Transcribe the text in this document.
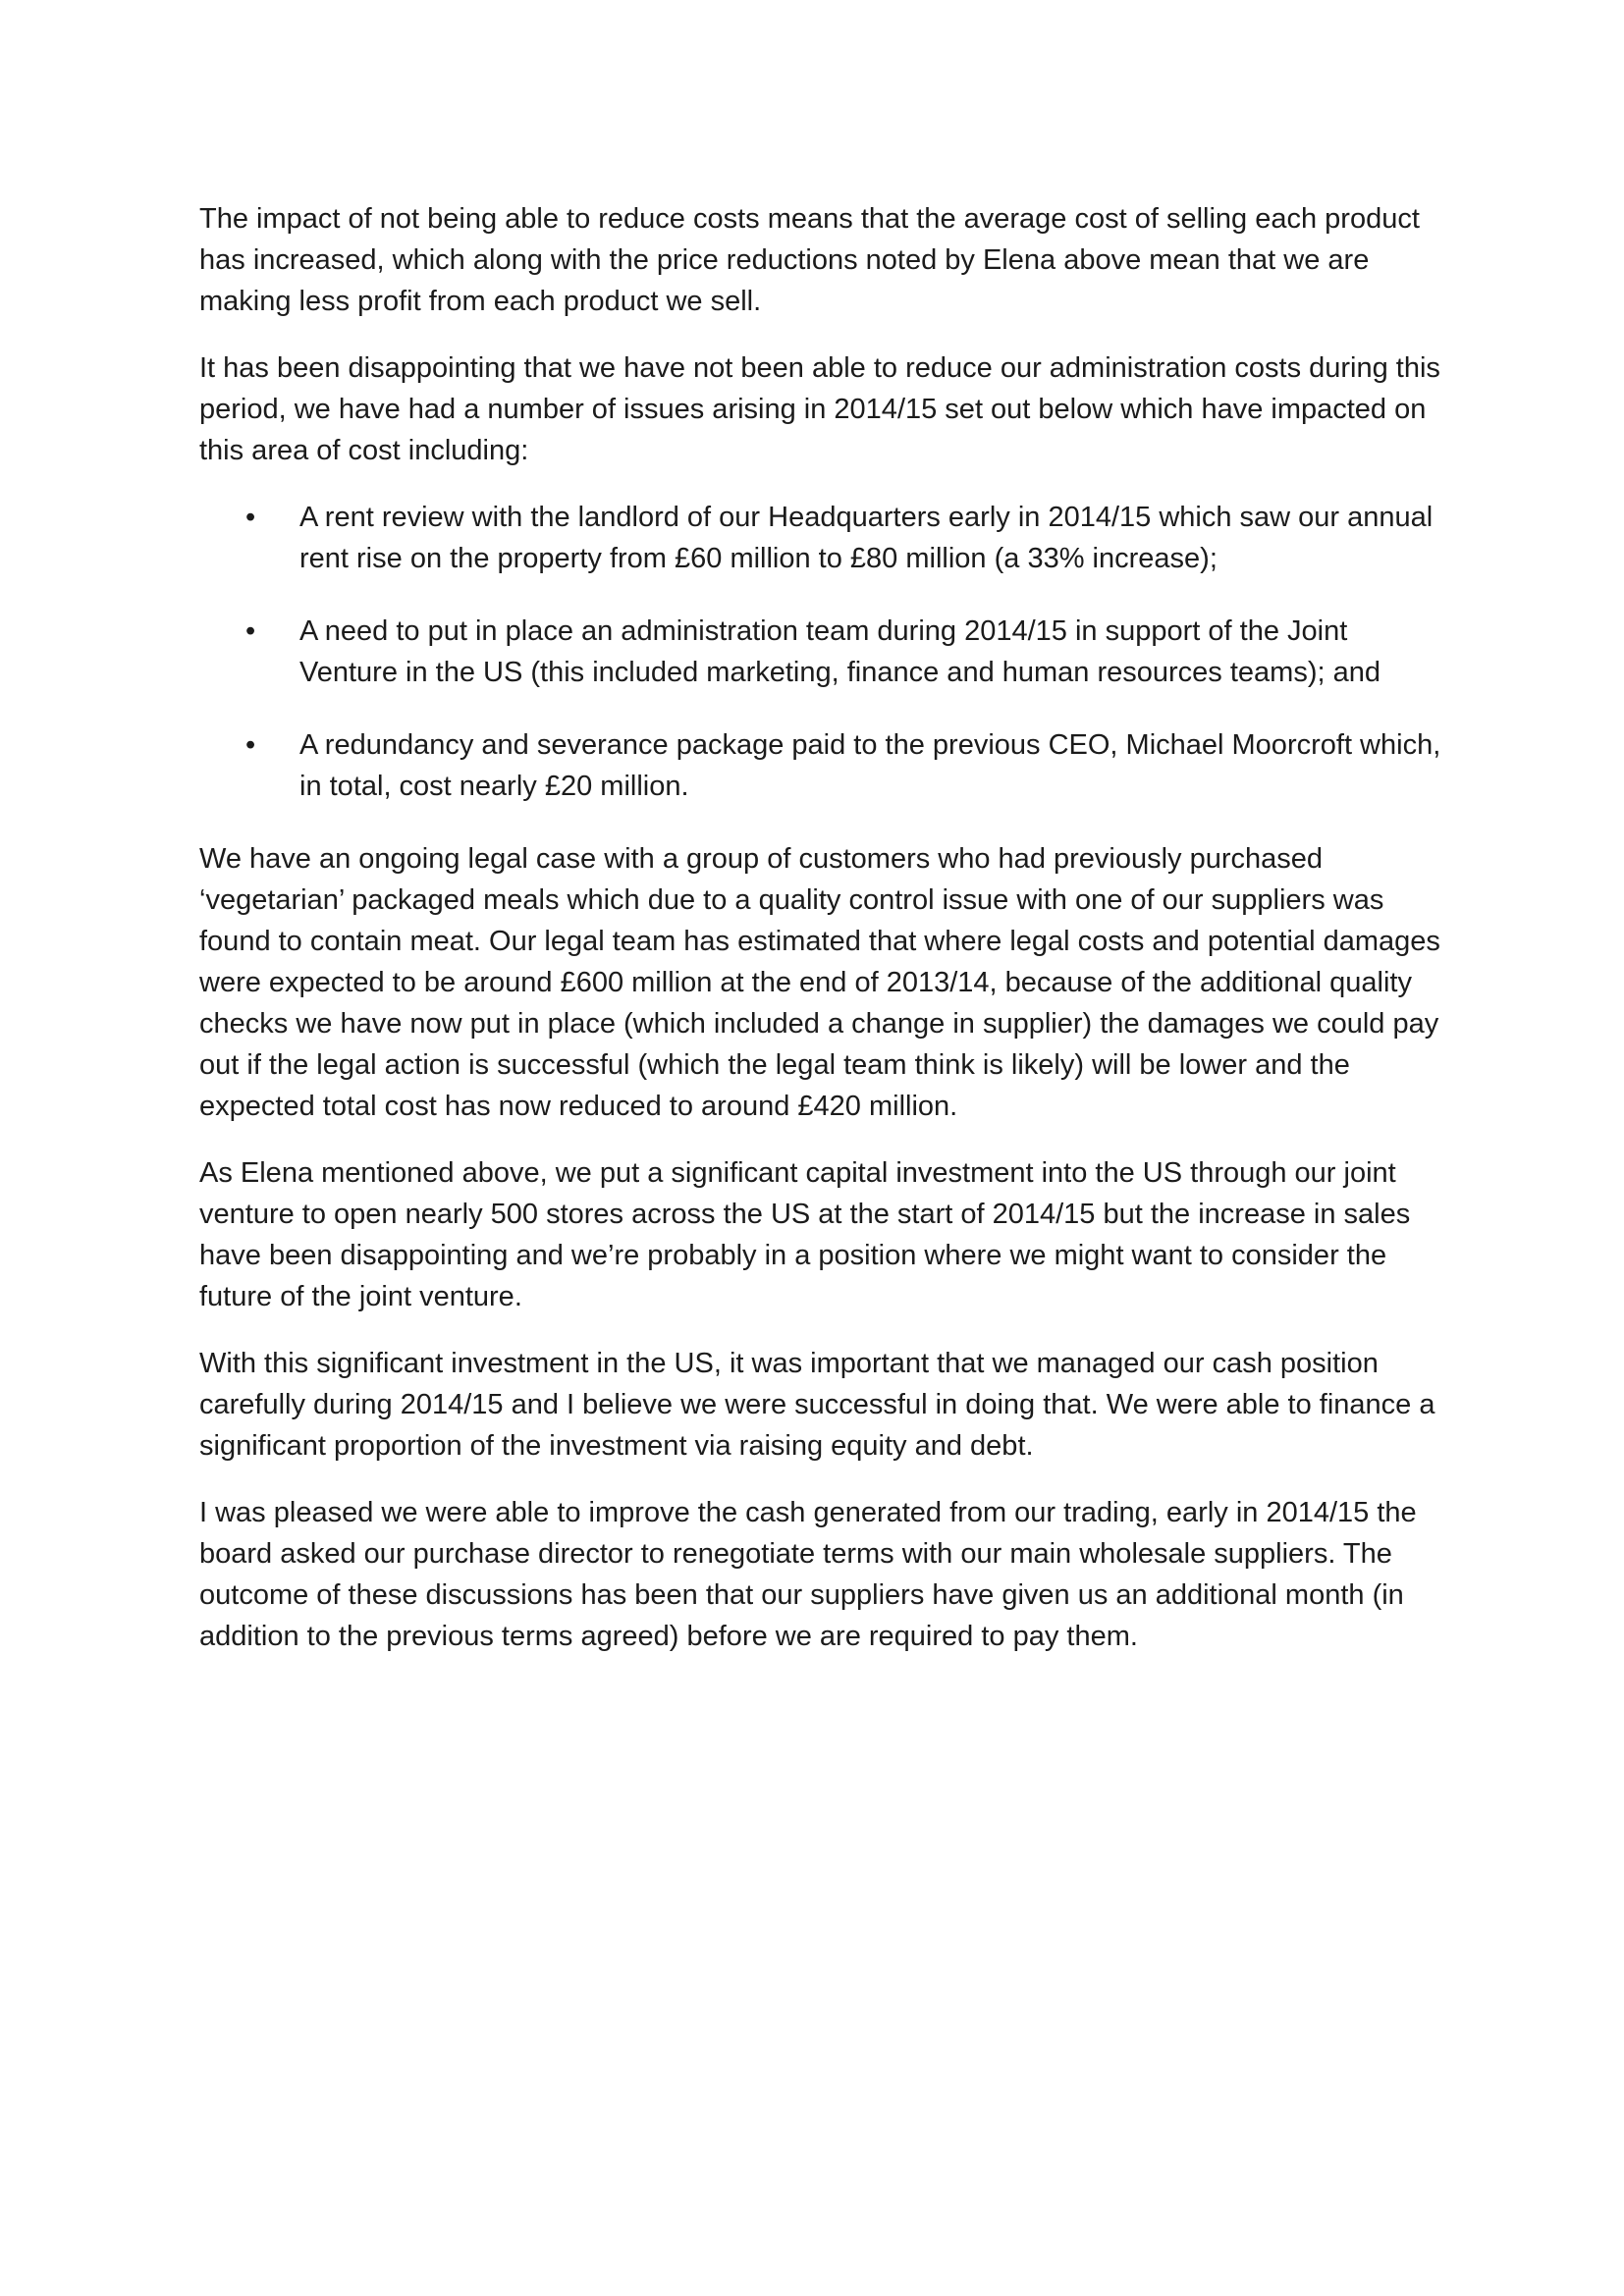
The impact of not being able to reduce costs means that the average cost of selling each product has increased, which along with the price reductions noted by Elena above mean that we are making less profit from each product we sell.

It has been disappointing that we have not been able to reduce our administration costs during this period, we have had a number of issues arising in 2014/15 set out below which have impacted on this area of cost including:

•	A rent review with the landlord of our Headquarters early in 2014/15 which saw our annual rent rise on the property from £60 million to £80 million (a 33% increase);
•	A need to put in place an administration team during 2014/15 in support of the Joint Venture in the US (this included marketing, finance and human resources teams); and
•	A redundancy and severance package paid to the previous CEO, Michael Moorcroft which, in total, cost nearly £20 million.

We have an ongoing legal case with a group of customers who had previously purchased ‘vegetarian’ packaged meals which due to a quality control issue with one of our suppliers was found to contain meat. Our legal team has estimated that where legal costs and potential damages were expected to be around £600 million at the end of 2013/14, because of the additional quality checks we have now put in place (which included a change in supplier) the damages we could pay out if the legal action is successful (which the legal team think is likely) will be lower and the expected total cost has now reduced to around £420 million.

As Elena mentioned above, we put a significant capital investment into the US through our joint venture to open nearly 500 stores across the US at the start of 2014/15 but the increase in sales have been disappointing and we’re probably in a position where we might want to consider the future of the joint venture.

With this significant investment in the US, it was important that we managed our cash position carefully during 2014/15 and I believe we were successful in doing that. We were able to finance a significant proportion of the investment via raising equity and debt.

I was pleased we were able to improve the cash generated from our trading, early in 2014/15 the board asked our purchase director to renegotiate terms with our main wholesale suppliers. The outcome of these discussions has been that our suppliers have given us an additional month (in addition to the previous terms agreed) before we are required to pay them.
